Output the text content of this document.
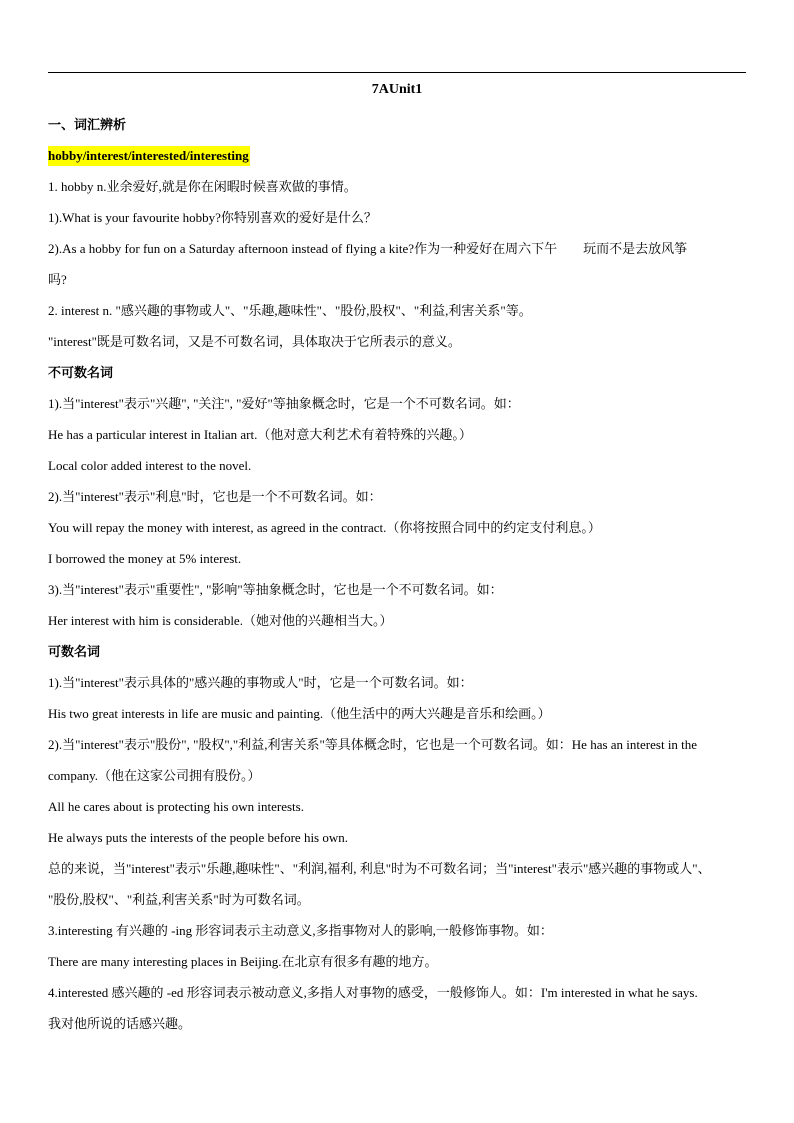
7AUnit1
一、词汇辨析
hobby/interest/interested/interesting
1. hobby n.业余爱好,就是你在闲暇时候喜欢做的事情。
1).What is your favourite hobby?你特别喜欢的爱好是什么？
2).As a hobby for fun on a Saturday afternoon instead of flying a kite?作为一种爱好在周六下午 玩而不是去放风筝
吗?
2. interest n. "感兴趣的事物或人"、"乐趣,趣味性"、"股份,股权"、"利益,利害关系"等。
"interest"既是可数名词，又是不可数名词，具体取决于它所表示的意义。
不可数名词
1).当"interest"表示"兴趣", "关注", "爱好"等抽象概念时，它是一个不可数名词。如：
He has a particular interest in Italian art.（他对意大利艺术有着特殊的兴趣。）
Local color added interest to the novel.
2).当"interest"表示"利息"时，它也是一个不可数名词。如：
You will repay the money with interest, as agreed in the contract.（你将按照合同中的约定支付利息。）
I borrowed the money at 5% interest.
3).当"interest"表示"重要性", "影响"等抽象概念时，它也是一个不可数名词。如：
Her interest with him is considerable.（她对他的兴趣相当大。）
可数名词
1).当"interest"表示具体的"感兴趣的事物或人"时，它是一个可数名词。如：
His two great interests in life are music and painting.（他生活中的两大兴趣是音乐和绘画。）
2).当"interest"表示"股份", "股权","利益,利害关系"等具体概念时，它也是一个可数名词。如：He has an interest in the
company.（他在这家公司拥有股份。）
All he cares about is protecting his own interests.
He always puts the interests of the people before his own.
总的来说，当"interest"表示"乐趣,趣味性"、"利润,福利, 利息"时为不可数名词；当"interest"表示"感兴趣的事物或人"、
"股份,股权"、"利益,利害关系"时为可数名词。
3.interesting 有兴趣的 -ing 形容词表示主动意义,多指事物对人的影响,一般修饰事物。如：
There are many interesting places in Beijing.在北京有很多有趣的地方。
4.interested 感兴趣的 -ed 形容词表示被动意义,多指人对事物的感受，一般修饰人。如：I'm interested in what he says.
我对他所说的话感兴趣。
